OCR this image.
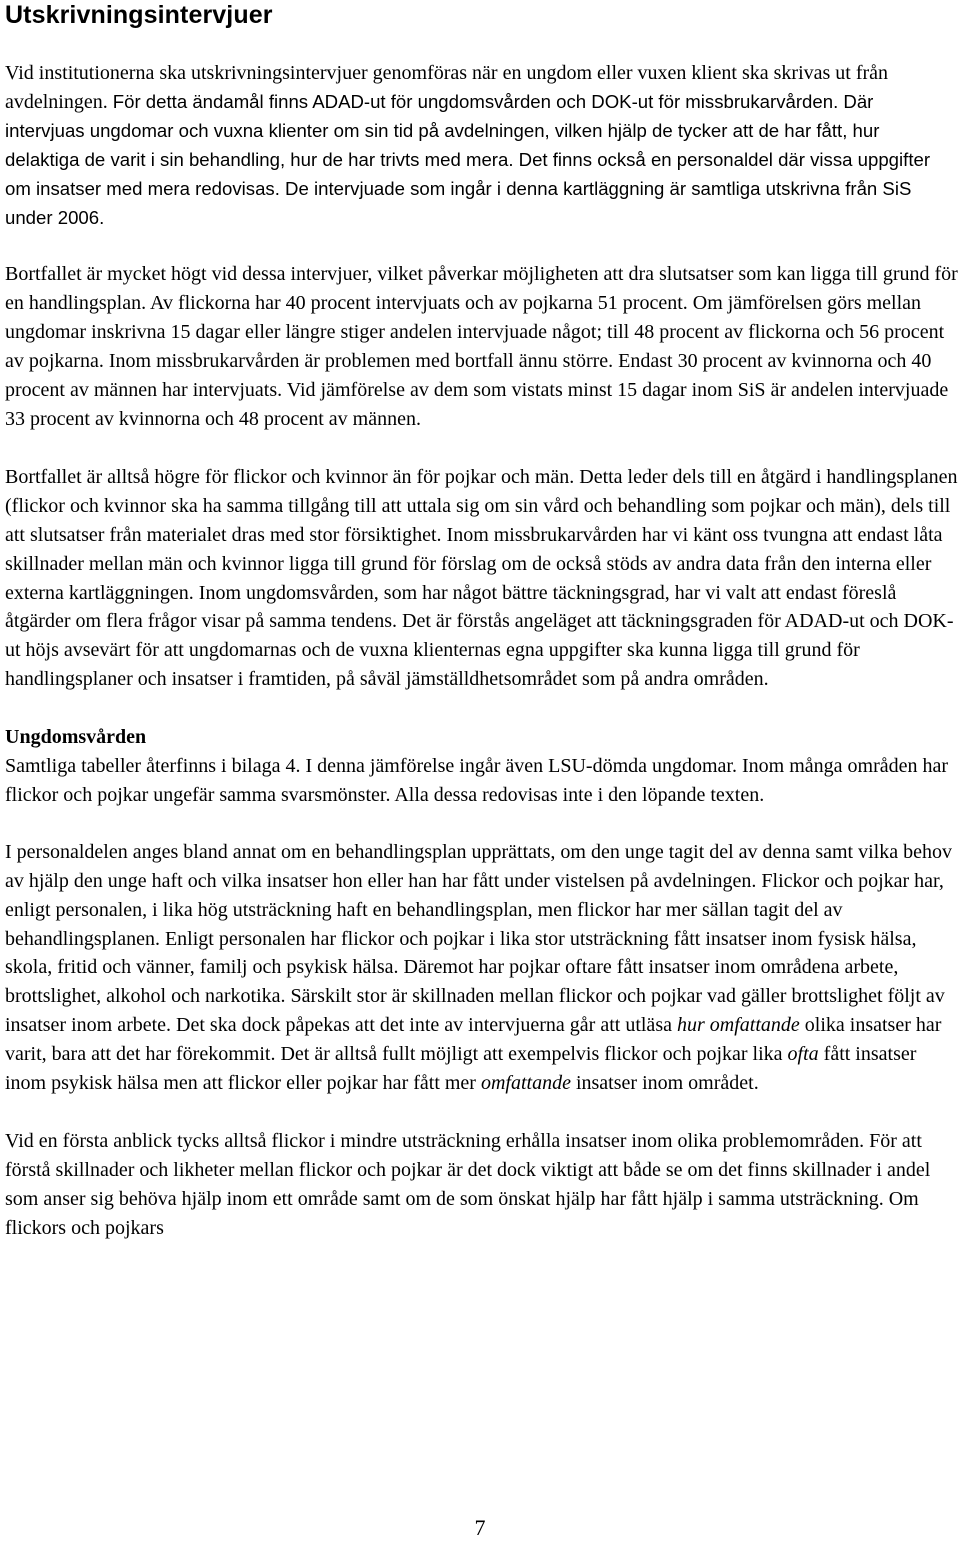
Utskrivningsintervjuer

Vid institutionerna ska utskrivningsintervjuer genomföras när en ungdom eller vuxen klient ska skrivas ut från avdelningen. För detta ändamål finns ADAD-ut för ungdomsvården och DOK-ut för missbrukarvården. Där intervjuas ungdomar och vuxna klienter om sin tid på avdelningen, vilken hjälp de tycker att de har fått, hur delaktiga de varit i sin behandling, hur de har trivts med mera. Det finns också en personaldel där vissa uppgifter om insatser med mera redovisas. De intervjuade som ingår i denna kartläggning är samtliga utskrivna från SiS under 2006.

Bortfallet är mycket högt vid dessa intervjuer, vilket påverkar möjligheten att dra slutsatser som kan ligga till grund för en handlingsplan. Av flickorna har 40 procent intervjuats och av pojkarna 51 procent. Om jämförelsen görs mellan ungdomar inskrivna 15 dagar eller längre stiger andelen intervjuade något; till 48 procent av flickorna och 56 procent av pojkarna. Inom missbrukarvården är problemen med bortfall ännu större. Endast 30 procent av kvinnorna och 40 procent av männen har intervjuats. Vid jämförelse av dem som vistats minst 15 dagar inom SiS är andelen intervjuade 33 procent av kvinnorna och 48 procent av männen.

Bortfallet är alltså högre för flickor och kvinnor än för pojkar och män. Detta leder dels till en åtgärd i handlingsplanen (flickor och kvinnor ska ha samma tillgång till att uttala sig om sin vård och behandling som pojkar och män), dels till att slutsatser från materialet dras med stor försiktighet. Inom missbrukarvården har vi känt oss tvungna att endast låta skillnader mellan män och kvinnor ligga till grund för förslag om de också stöds av andra data från den interna eller externa kartläggningen. Inom ungdomsvården, som har något bättre täckningsgrad, har vi valt att endast föreslå åtgärder om flera frågor visar på samma tendens. Det är förstås angeläget att täckningsgraden för ADAD-ut och DOK-ut höjs avsevärt för att ungdomarnas och de vuxna klienternas egna uppgifter ska kunna ligga till grund för handlingsplaner och insatser i framtiden, på såväl jämställdhetsområdet som på andra områden.

Ungdomsvården

Samtliga tabeller återfinns i bilaga 4. I denna jämförelse ingår även LSU-dömda ungdomar. Inom många områden har flickor och pojkar ungefär samma svarsmönster. Alla dessa redovisas inte i den löpande texten.

I personaldelen anges bland annat om en behandlingsplan upprättats, om den unge tagit del av denna samt vilka behov av hjälp den unge haft och vilka insatser hon eller han har fått under vistelsen på avdelningen. Flickor och pojkar har, enligt personalen, i lika hög utsträckning haft en behandlingsplan, men flickor har mer sällan tagit del av behandlingsplanen. Enligt personalen har flickor och pojkar i lika stor utsträckning fått insatser inom fysisk hälsa, skola, fritid och vänner, familj och psykisk hälsa. Däremot har pojkar oftare fått insatser inom områdena arbete, brottslighet, alkohol och narkotika. Särskilt stor är skillnaden mellan flickor och pojkar vad gäller brottslighet följt av insatser inom arbete. Det ska dock påpekas att det inte av intervjuerna går att utläsa hur omfattande olika insatser har varit, bara att det har förekommit. Det är alltså fullt möjligt att exempelvis flickor och pojkar lika ofta fått insatser inom psykisk hälsa men att flickor eller pojkar har fått mer omfattande insatser inom området.

Vid en första anblick tycks alltså flickor i mindre utsträckning erhålla insatser inom olika problemområden. För att förstå skillnader och likheter mellan flickor och pojkar är det dock viktigt att både se om det finns skillnader i andel som anser sig behöva hjälp inom ett område samt om de som önskat hjälp har fått hjälp i samma utsträckning. Om flickors och pojkars

7
